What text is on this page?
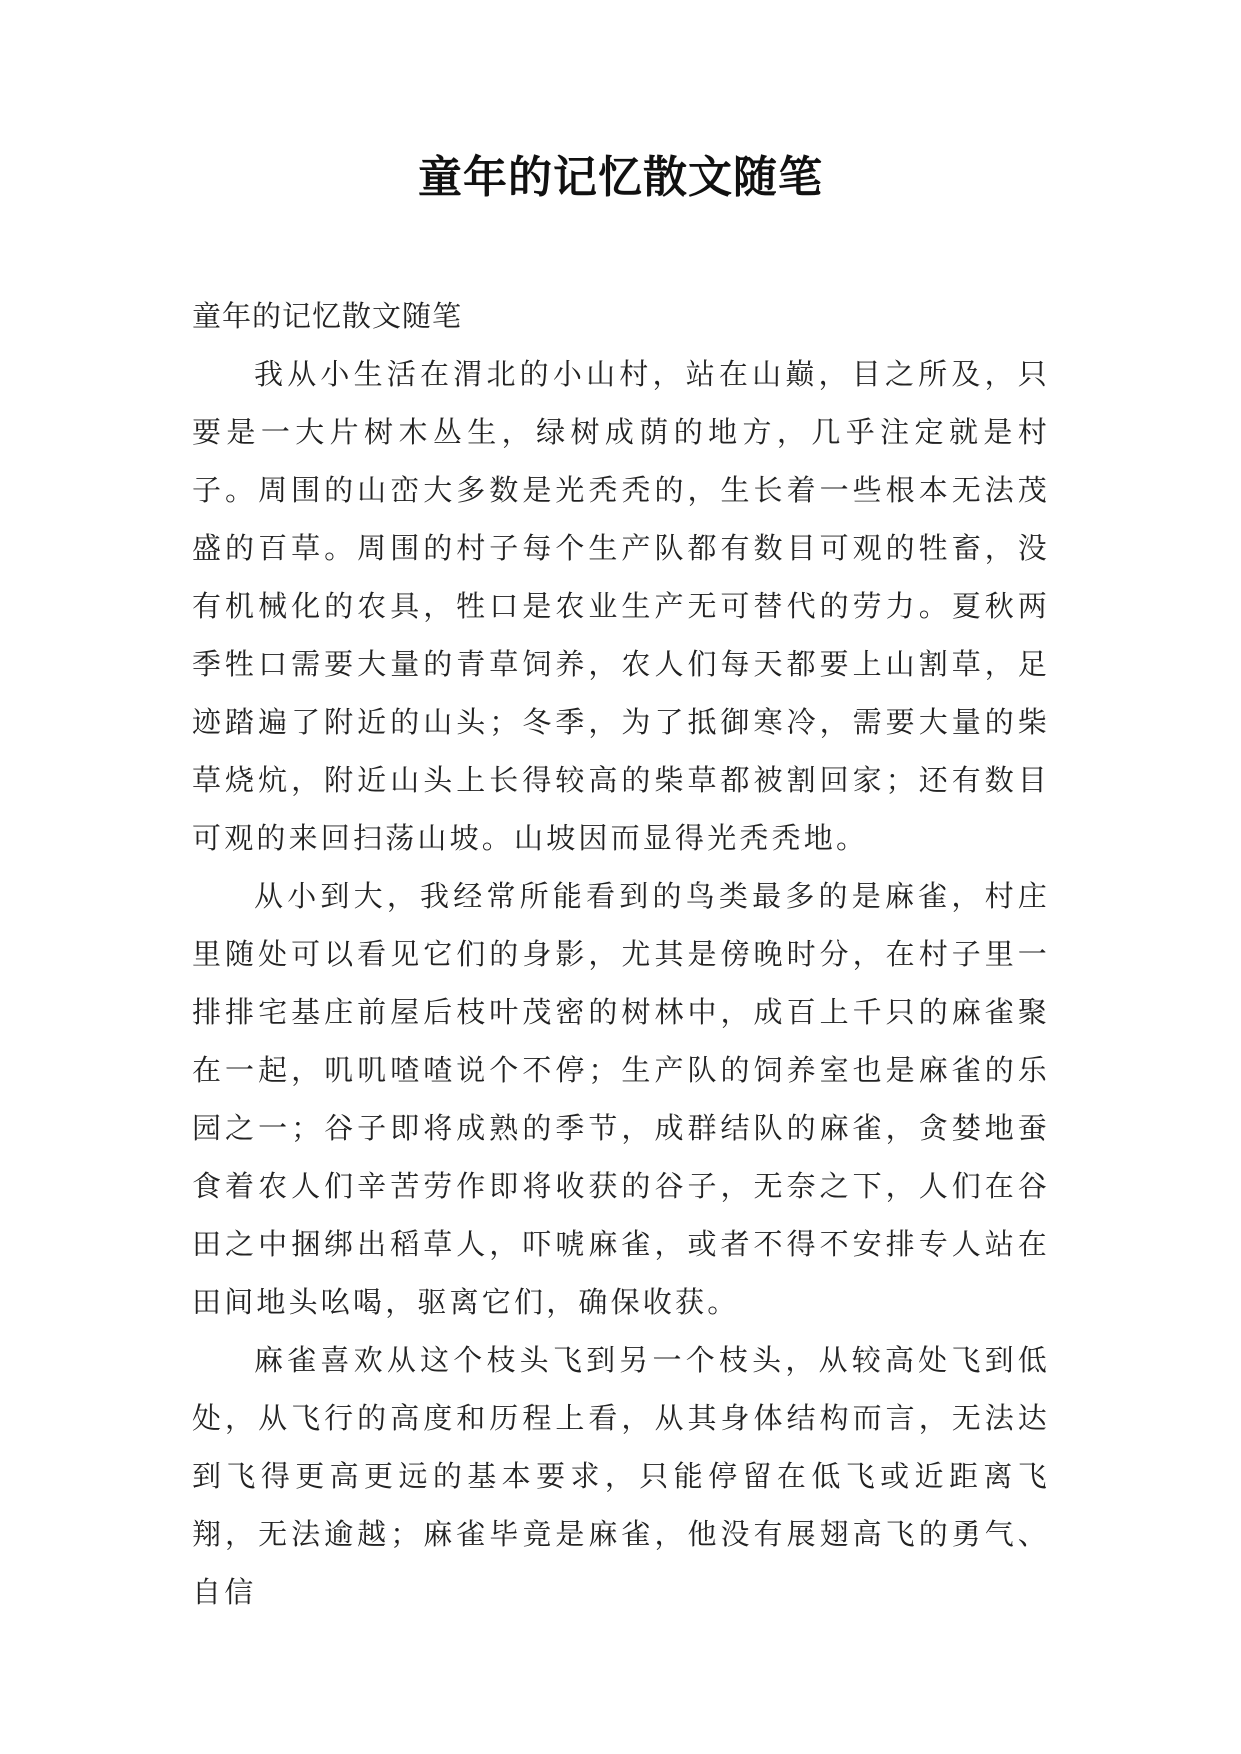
童年的记忆散文随笔

童年的记忆散文随笔

我从小生活在渭北的小山村，站在山巅，目之所及，只要是一大片树木丛生，绿树成荫的地方，几乎注定就是村子。周围的山峦大多数是光秃秃的，生长着一些根本无法茂盛的百草。周围的村子每个生产队都有数目可观的牲畜，没有机械化的农具，牲口是农业生产无可替代的劳力。夏秋两季牲口需要大量的青草饲养，农人们每天都要上山割草，足迹踏遍了附近的山头；冬季，为了抵御寒冷，需要大量的柴草烧炕，附近山头上长得较高的柴草都被割回家；还有数目可观的来回扫荡山坡。山坡因而显得光秃秃地。

从小到大，我经常所能看到的鸟类最多的是麻雀，村庄里随处可以看见它们的身影，尤其是傍晚时分，在村子里一排排宅基庄前屋后枝叶茂密的树林中，成百上千只的麻雀聚在一起，叽叽喳喳说个不停；生产队的饲养室也是麻雀的乐园之一；谷子即将成熟的季节，成群结队的麻雀，贪婪地蚕食着农人们辛苦劳作即将收获的谷子，无奈之下，人们在谷田之中捆绑出稻草人，吓唬麻雀，或者不得不安排专人站在田间地头吆喝，驱离它们，确保收获。

麻雀喜欢从这个枝头飞到另一个枝头，从较高处飞到低处，从飞行的高度和历程上看，从其身体结构而言，无法达到飞得更高更远的基本要求，只能停留在低飞或近距离飞翔，无法逾越；麻雀毕竟是麻雀，他没有展翅高飞的勇气、自信
